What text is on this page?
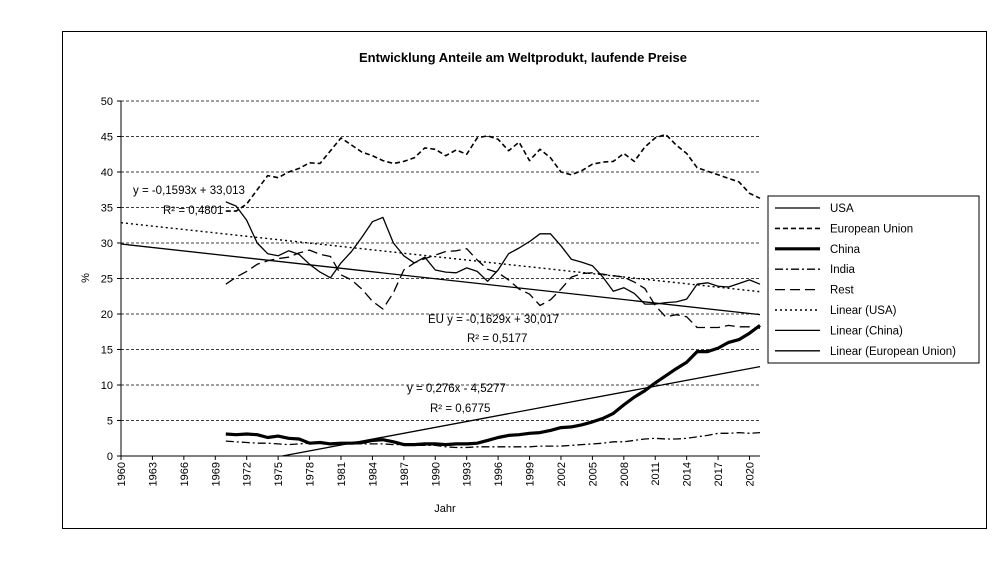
Entwicklung Anteile am Weltprodukt, laufende Preise
0
5
10
15
20
25
30
35
40
45
50
1960 1963 1966 1969 1972 1975 1978 1981 1984 1987 1990 1993 1996 1999 2002 2005 2008 2011 2014 2017 2020
%
Jahr
y = -0,1593x + 33,013
R² = 0,4801
EU y = -0,1629x + 30,017
R² = 0,5177
y = 0,276x - 4,5277
R² = 0,6775
USA
European Union
China
India
Rest
Linear (USA)
Linear (China)
Linear (European Union)
